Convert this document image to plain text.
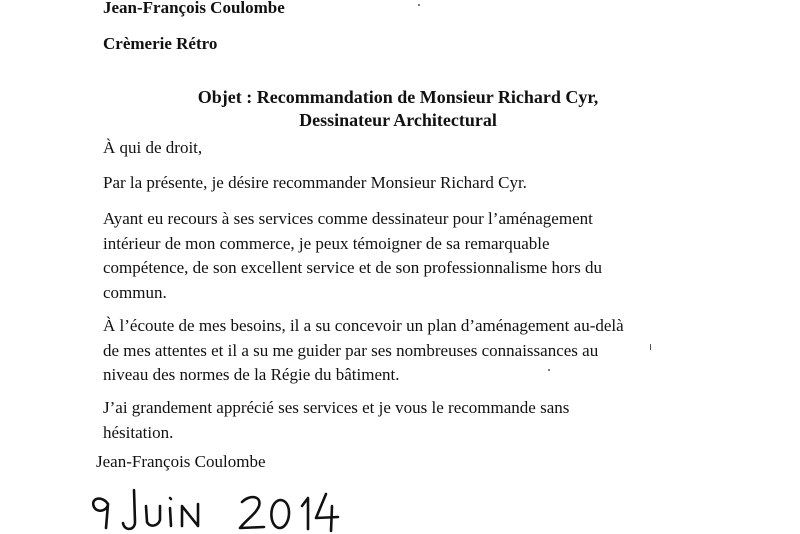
Jean-François Coulombe

Crèmerie Rétro

Objet : Recommandation de Monsieur Richard Cyr,
Dessinateur Architectural

À qui de droit,

Par la présente, je désire recommander Monsieur Richard Cyr.
Ayant eu recours à ses services comme dessinateur pour l’aménagement
intérieur de mon commerce, je peux témoigner de sa remarquable
compétence, de son excellent service et de son professionnalisme hors du
commun.
À l’écoute de mes besoins, il a su concevoir un plan d’aménagement au-delà
de mes attentes et il a su me guider par ses nombreuses connaissances au
niveau des normes de la Régie du bâtiment.
J’ai grandement apprécié ses services et je vous le recommande sans
hésitation.

Jean-François Coulombe
